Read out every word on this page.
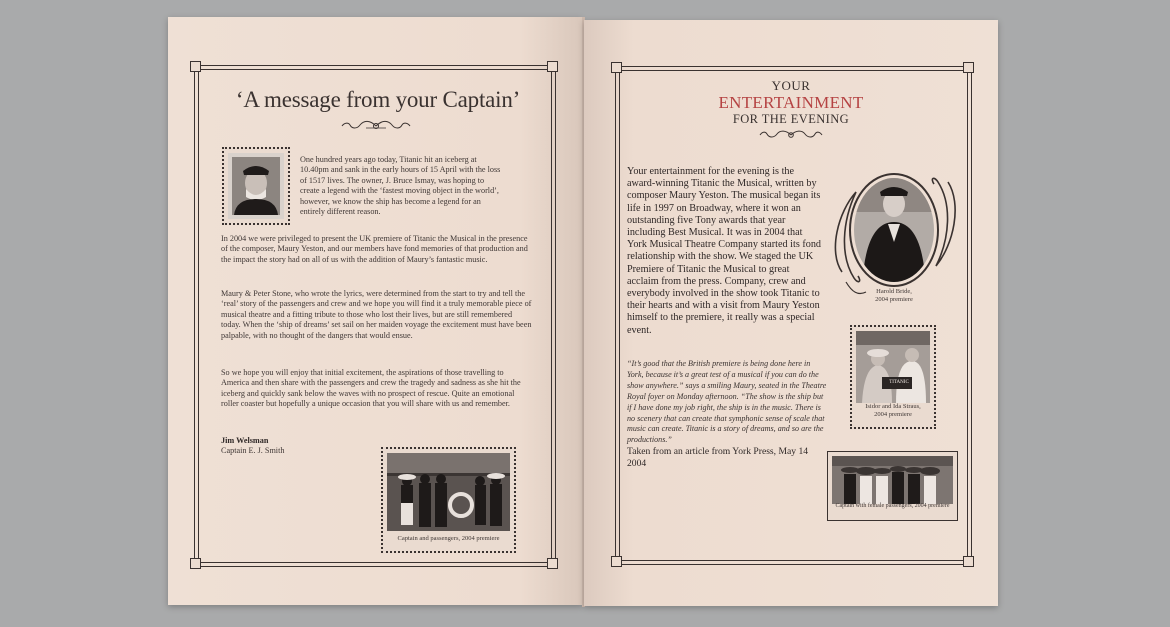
‘A message from your Captain’
One hundred years ago today, Titanic hit an iceberg at 10.40pm and sank in the early hours of 15 April with the loss of 1517 lives. The owner, J. Bruce Ismay, was hoping to create a legend with the ‘fastest moving object in the world’, however, we know the ship has become a legend for an entirely different reason.
In 2004 we were privileged to present the UK premiere of Titanic the Musical in the presence of the composer, Maury Yeston, and our members have fond memories of that production and the impact the story had on all of us with the addition of Maury’s fantastic music.
Maury & Peter Stone, who wrote the lyrics, were determined from the start to try and tell the ‘real’ story of the passengers and crew and we hope you will find it a truly memorable piece of musical theatre and a fitting tribute to those who lost their lives, but are still remembered today. When the ‘ship of dreams’ set sail on her maiden voyage the excitement must have been palpable, with no thought of the dangers that would ensue.
So we hope you will enjoy that initial excitement, the aspirations of those travelling to America and then share with the passengers and crew the tragedy and sadness as she hit the iceberg and quickly sank below the waves with no prospect of rescue. Quite an emotional roller coaster but hopefully a unique occasion that you will share with us and remember.
Jim Welsman
Captain E. J. Smith
Captain and passengers, 2004 premiere
YOUR
ENTERTAINMENT
FOR THE EVENING
Your entertainment for the evening is the award-winning Titanic the Musical, written by composer Maury Yeston. The musical began its life in 1997 on Broadway, where it won an outstanding five Tony awards that year including Best Musical. It was in 2004 that York Musical Theatre Company started its fond relationship with the show. We staged the UK Premiere of Titanic the Musical to great acclaim from the press. Company, crew and everybody involved in the show took Titanic to their hearts and with a visit from Maury Yeston himself to the premiere, it really was a special event.
“It’s good that the British premiere is being done here in York, because it’s a great test of a musical if you can do the show anywhere.” says a smiling Maury, seated in the Theatre Royal foyer on Monday afternoon. “The show is the ship but if I have done my job right, the ship is in the music. There is no scenery that can create that symphonic sense of scale that music can create. Titanic is a story of dreams, and so are the productions.”
Taken from an article from York Press, May 14 2004
Harold Bride,
2004 premiere
TITANIC
Isidor and Ida Straus,
2004 premiere
Captain with female passengers, 2004 premiere
